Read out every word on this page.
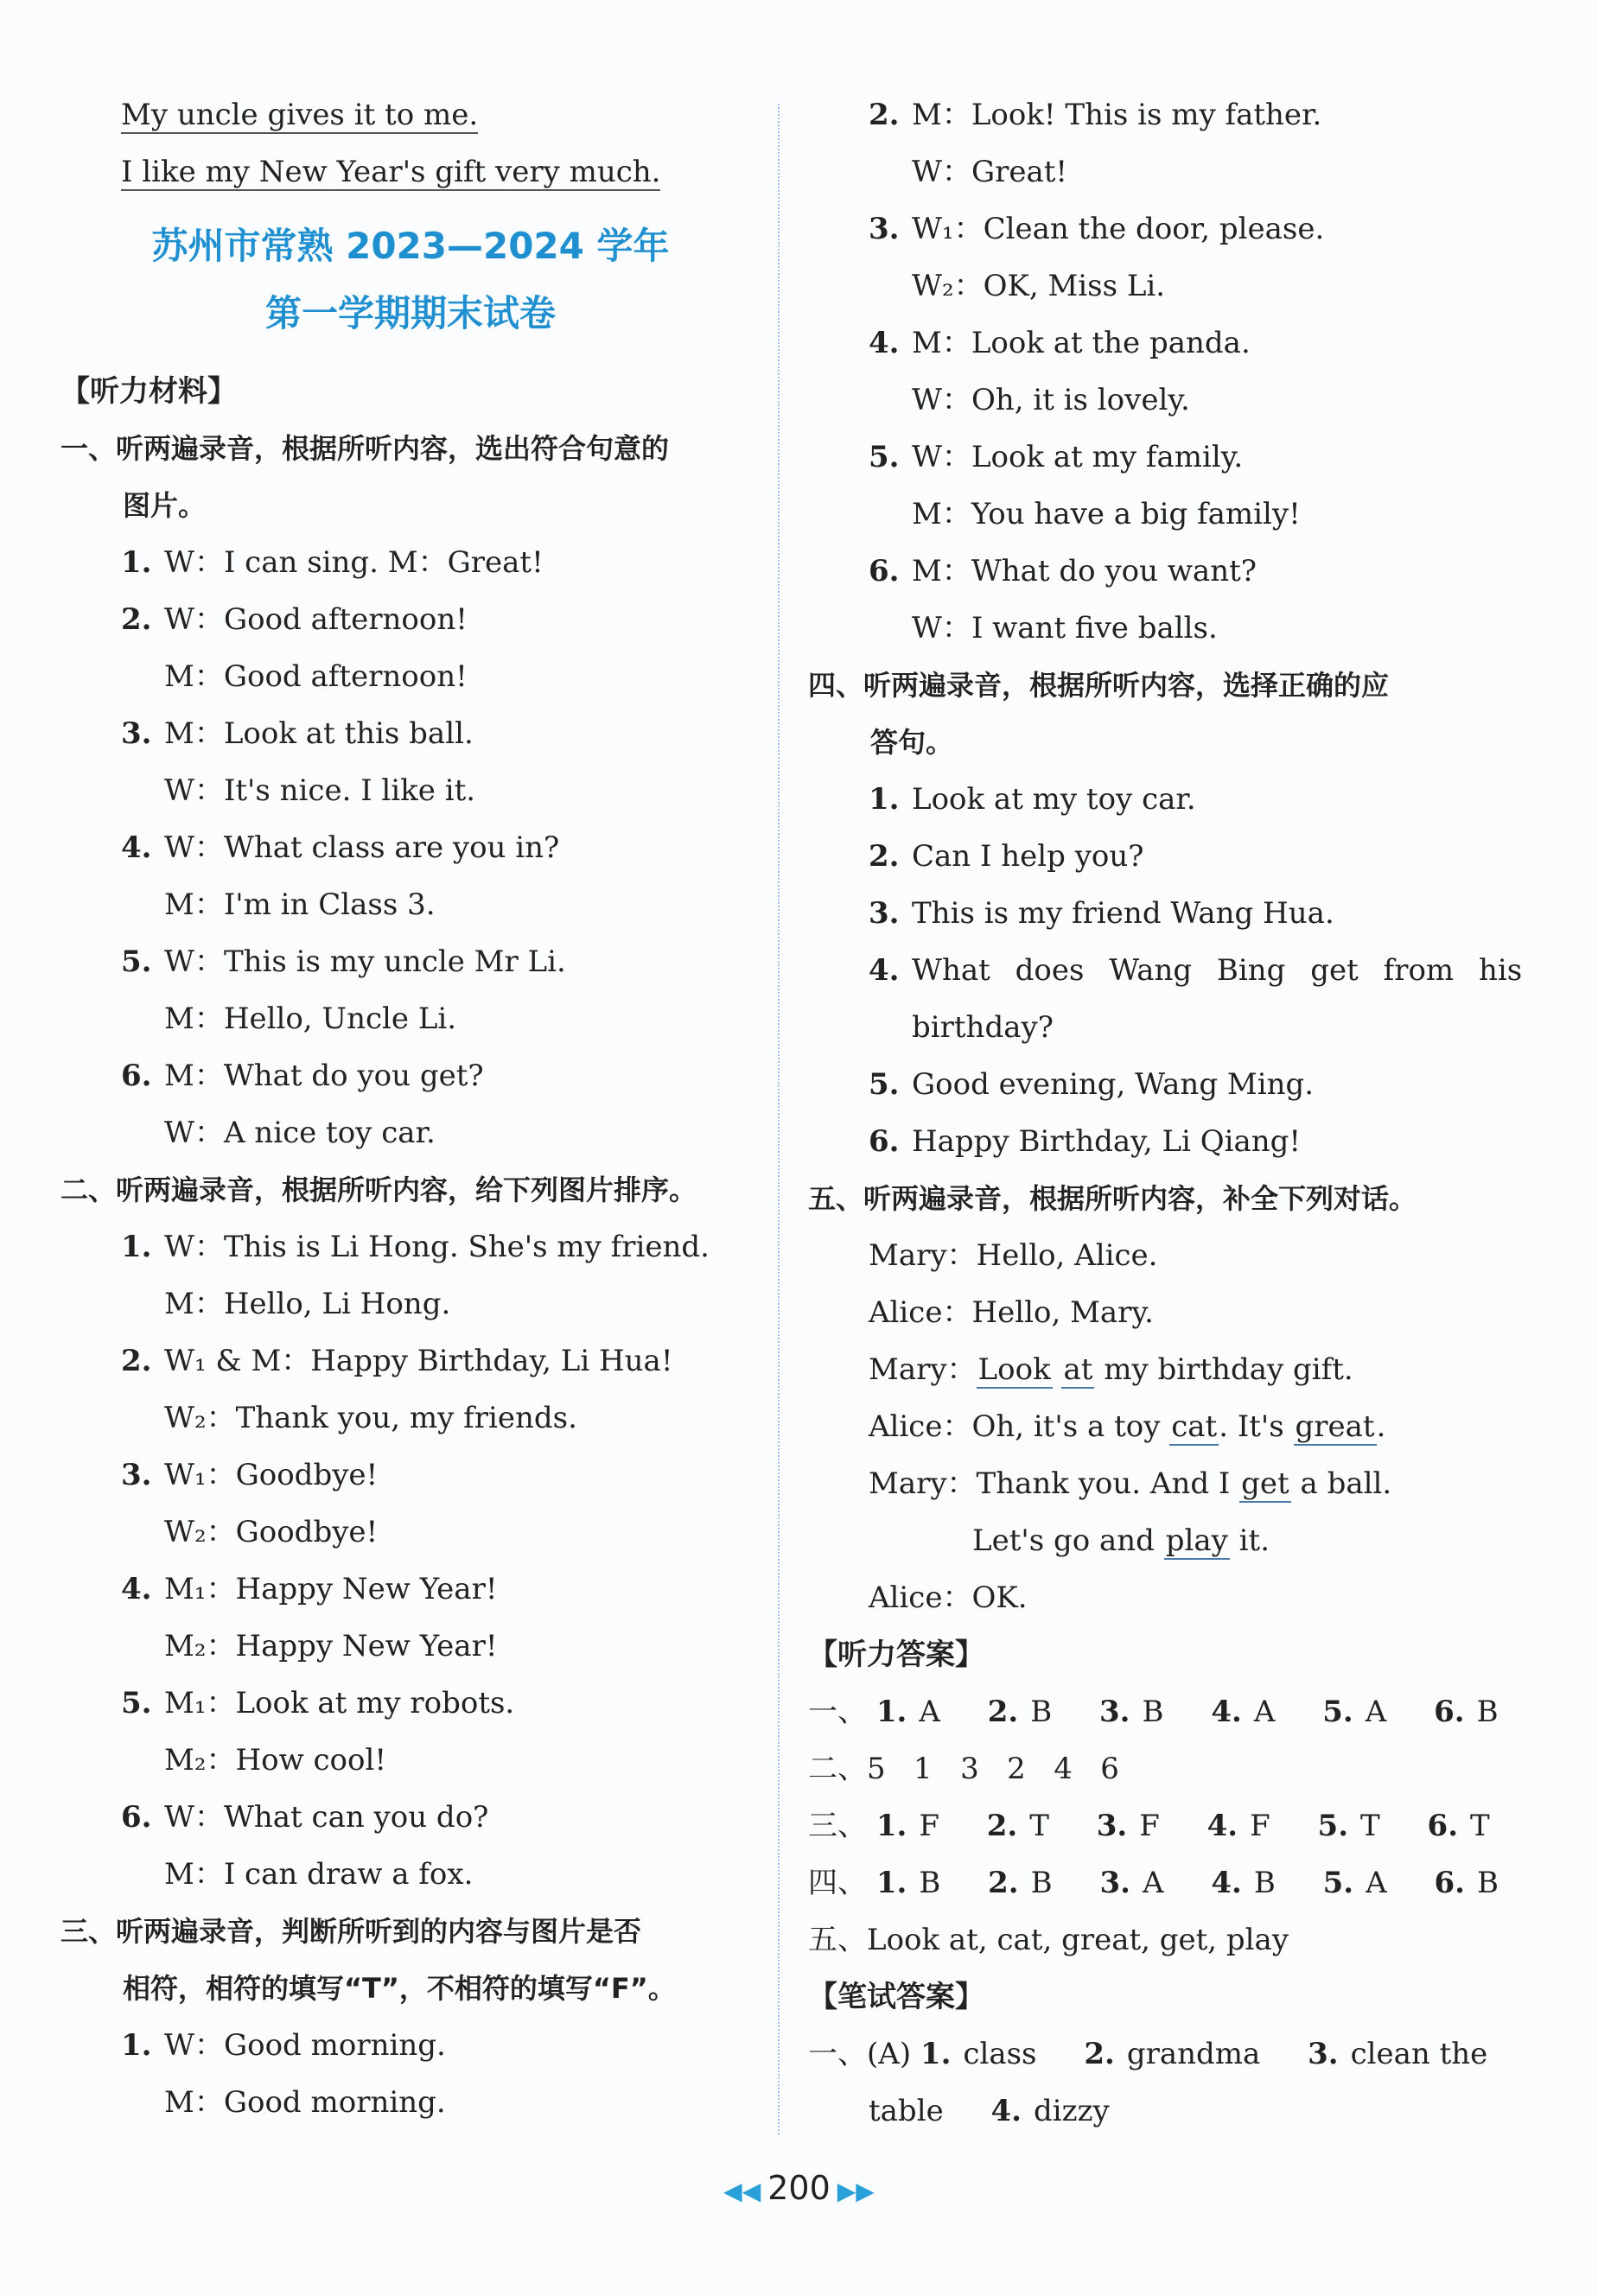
My uncle gives it to me.
I like my New Year's gift very much.
苏州市常熟 2023—2024 学年
第一学期期末试卷
【听力材料】
一、听两遍录音，根据所听内容，选出符合句意的
图片。
1. W：I can sing. M：Great!
2. W：Good afternoon!
M：Good afternoon!
3. M：Look at this ball.
W：It's nice. I like it.
4. W：What class are you in?
M：I'm in Class 3.
5. W：This is my uncle Mr Li.
M：Hello, Uncle Li.
6. M：What do you get?
W：A nice toy car.
二、听两遍录音，根据所听内容，给下列图片排序。
1. W：This is Li Hong. She's my friend.
M：Hello, Li Hong.
2. W₁ & M：Happy Birthday, Li Hua!
W₂：Thank you, my friends.
3. W₁：Goodbye!
W₂：Goodbye!
4. M₁：Happy New Year!
M₂：Happy New Year!
5. M₁：Look at my robots.
M₂：How cool!
6. W：What can you do?
M：I can draw a fox.
三、听两遍录音，判断所听到的内容与图片是否
相符，相符的填写“T”，不相符的填写“F”。
1. W：Good morning.
M：Good morning.
2. M：Look! This is my father.
W：Great!
3. W₁：Clean the door, please.
W₂：OK, Miss Li.
4. M：Look at the panda.
W：Oh, it is lovely.
5. W：Look at my family.
M：You have a big family!
6. M：What do you want?
W：I want five balls.
四、听两遍录音，根据所听内容，选择正确的应
答句。
1. Look at my toy car.
2. Can I help you?
3. This is my friend Wang Hua.
4. What does Wang Bing get from his
birthday?
5. Good evening, Wang Ming.
6. Happy Birthday, Li Qiang!
五、听两遍录音，根据所听内容，补全下列对话。
Mary：Hello, Alice.
Alice：Hello, Mary.
Mary：Look at my birthday gift.
Alice：Oh, it's a toy cat. It's great.
Mary：Thank you. And I get a ball.
Let's go and play it.
Alice：OK.
【听力答案】
一、 1. A 2. B 3. B 4. A 5. A 6. B
二、5   1   3   2   4   6
三、 1. F 2. T 3. F 4. F 5. T 6. T
四、 1. B 2. B 3. A 4. B 5. A 6. B
五、Look at, cat, great, get, play
【笔试答案】
一、(A) 1. class 2. grandma 3. clean the
table 4. dizzy
◀◀ 200 ▶▶
